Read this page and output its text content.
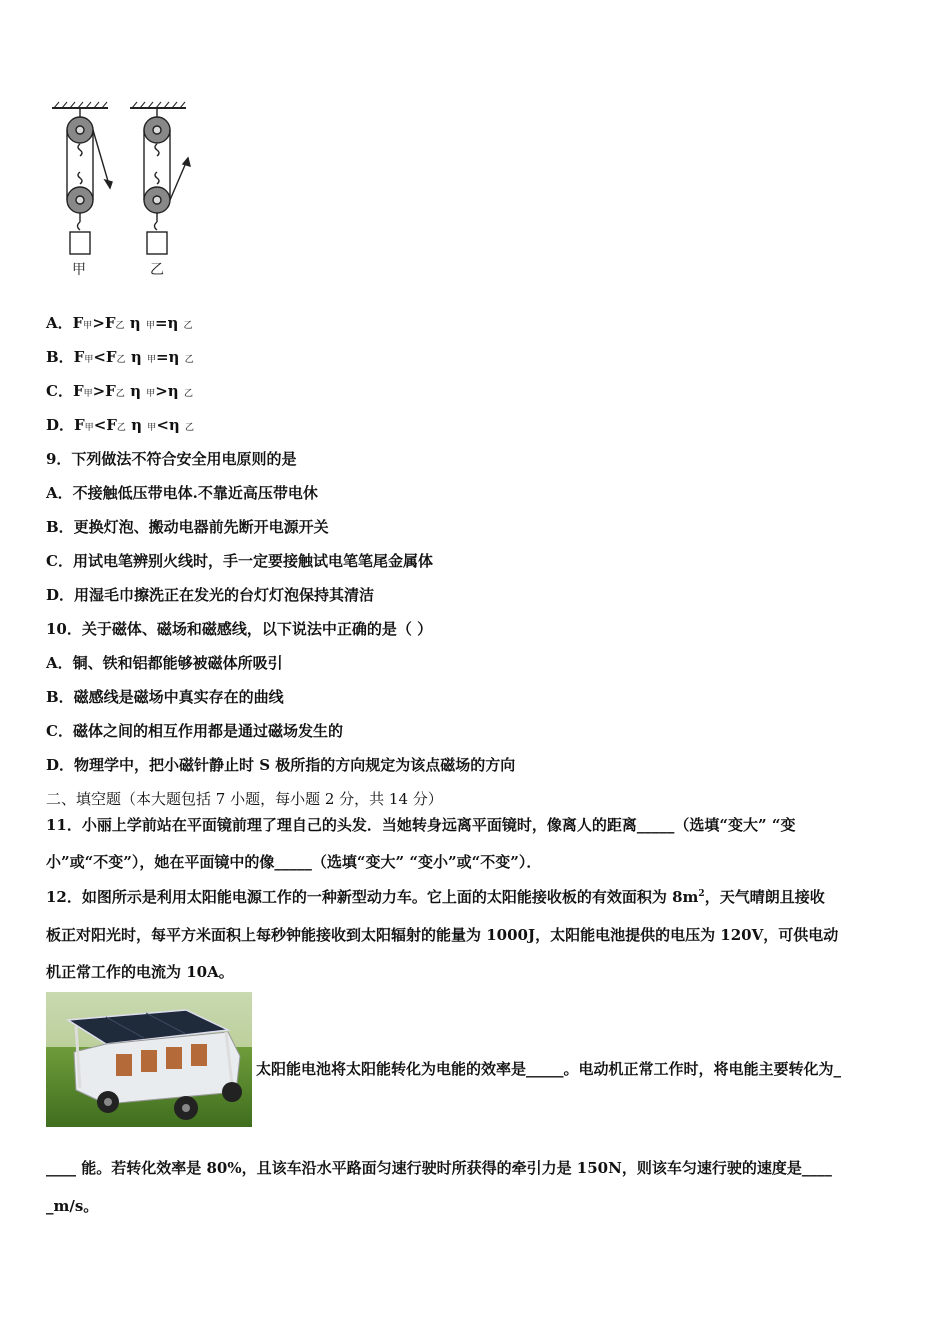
甲	乙
A．F甲>F乙 η 甲=η 乙
B．F甲<F乙 η 甲=η 乙
C．F甲>F乙 η 甲>η 乙
D．F甲<F乙 η 甲<η 乙
9．下列做法不符合安全用电原则的是
A．不接触低压带电体.不靠近高压带电休
B．更换灯泡、搬动电器前先断开电源开关
C．用试电笔辨别火线时，手一定要接触试电笔笔尾金属体
D．用湿毛巾擦洗正在发光的台灯灯泡保持其清洁
10．关于磁体、磁场和磁感线，以下说法中正确的是（ ）
A．铜、铁和铝都能够被磁体所吸引
B．磁感线是磁场中真实存在的曲线
C．磁体之间的相互作用都是通过磁场发生的
D．物理学中，把小磁针静止时 S 极所指的方向规定为该点磁场的方向
二、填空题（本大题包括 7 小题，每小题 2 分，共 14 分）
11．小丽上学前站在平面镜前理了理自己的头发．当她转身远离平面镜时，像离人的距离_____（选填“变大” “变
小”或“不变”），她在平面镜中的像_____（选填“变大” “变小”或“不变”）．
12．如图所示是利用太阳能电源工作的一种新型动力车。它上面的太阳能接收板的有效面积为 $8m^2$，天气晴朗且接收
板正对阳光时，每平方米面积上每秒钟能接收到太阳辐射的能量为 1000J，太阳能电池提供的电压为 120V，可供电动
机正常工作的电流为 10A。
太阳能电池将太阳能转化为电能的效率是_____。电动机正常工作时，将电能主要转化为_
____ 能。若转化效率是 80%，且该车沿水平路面匀速行驶时所获得的牵引力是 150N，则该车匀速行驶的速度是____
_m/s。
